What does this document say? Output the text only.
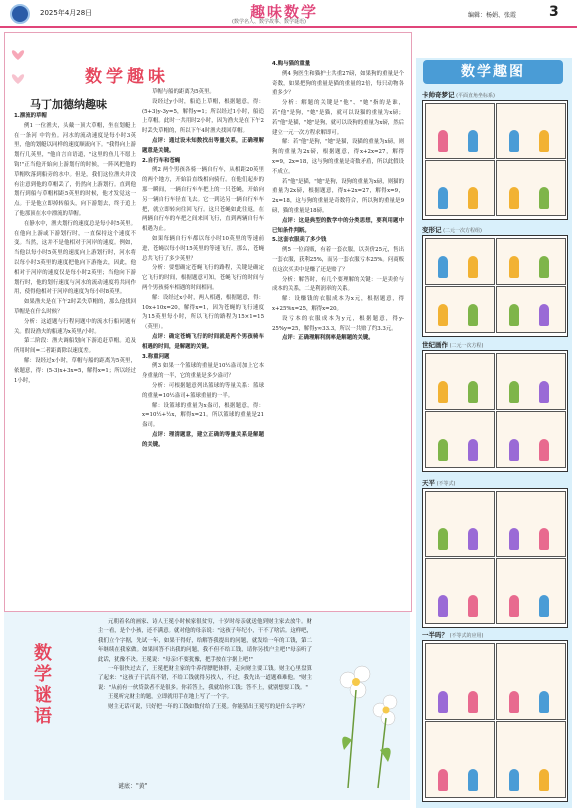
2025年4月28日	趣味数学
(数学名人、数学故事、数学谜语)
编辑：杨娟、张霞 3
数学趣味
马丁加德纳趣味

1.漂流的草帽

例1 一位渔夫，头戴一顶大草帽，坐在划艇上在一条河 中钓鱼。河水的流动速度是每小时3英里，他的划艇以同样的速度顺流向下。"我得向上游划行几英里，"他自言自语道，"这里的鱼儿不愿上钩!"正当他开始向上游划行的时候，一阵风把他的草帽吹落到船旁的水中。但是，我们这位渔夫并没有注意到他的草帽丢了，仍然向上游划行。直到他划行到船与草帽相距5英里的时候，他才发觉这一点。于是他立即掉转船头，向下游划去，终于追上了他那顶在水中漂流的草帽。

在静水中，渔夫划行的速度总是每小时5英里。在他向上游或下游划行时，一直保持这个速度不变。当然，这并不是他相对于河岸的速度。例如，当他以每小时5英里的速度向上游划行时，河水将以每小时3英里的速度把他向下游拖去，因此，他相对于河岸的速度仅是每小时2英里；当他向下游划行时，他的划行速度与河水的流动速度将共同作用，使得他相对于河岸的速度为每小时8英里。

如果渔夫是在下午2时丢失草帽的，那么他找回草帽是在什么时候？

分析：这道题与行程问题中的流水行船问题有关。假设渔夫的船速为x英里/小时。

第二阶段：渔夫调船划向下游追赶草帽。追及所用时间=二者距离除以速度差。

解：设经过x小时，草帽与船的距离为5英里，依题意，得：(5-3)x+3x=5，解得x=1；所以经过1小时，

草帽与船的距离为5英里。

设经过y小时，船追上草帽，根据题意，得：(5+3)y-3y=5，解得y=1；所以经过1小时，船追上草帽。此时一共用时2小时，因为渔夫是在下午2时丢失草帽的，所以下午4时渔夫找回草帽。

点评：通过设未知数找出等量关系，正确理解题意是关键。

2.自行车和苍蝇

例2 两个男孩各骑一辆自行车，从相距20英里的两个地方，开始沿直线相向骑行。在他们起步的那一瞬间，一辆自行车车把上的一只苍蝇，开始向另一辆自行车径直飞去。它一到达另一辆自行车车把，就立即转向往回飞行。这只苍蝇如此往返，在两辆自行车的车把之间来回飞行，直到两辆自行车相遇为止。

如果每辆自行车都以每小时10英里的等速前进，苍蝇以每小时15英里的等速飞行，那么，苍蝇总共飞行了多少英里？

分析：要想确定苍蝇飞行的路程，关键是确定它飞行的时间，根据题意可知，苍蝇飞行的时间与两个男孩骑车相遇的时间相同。

解：设经过x小时，两人相遇，根据题意，得：10x+10x=20，解得x=1，因为苍蝇的飞行速度为15英里每小时，所以飞行的路程为15×1=15（英里）。

点评：确定苍蝇飞行的时间就是两个男孩骑车相遇的时间，是解题的关键。

3.称重问题

例3 如果一个篮球的重量是10½盎司加上它本身重量的一半，它的重量是多少盎司？

分析：可根据题意列出篮球的等量关系：篮球的重量=10½盎司+篮球重量的一半。

解：设篮球的重量为x盎司，根据题意，得：x=10½+½x，解得x=21。所以篮球的重量是21盎司。

点评：理清题意，建立正确的等量关系是解题的关键。

4.购与猫的重量

例4 狗医生和猫护士共重27磅，如果狗的重量是个奇数，如果把狗的重量是猫的重量的2倍，每只动物各重多少？

分析：解题的关键是"他"、"她"指的是谁，若"他"是狗，"她"是猫，就可以设猫的重量为x磅；若"他"是猫，"她"是狗，就可以设狗的重量为x磅，然后建立一元一次方程求解即可。

解：若"他"是狗，"她"是猫，设猫的重量为x磅，则狗的重量为2x磅，根据题意，得x+2x=27，解得x=9，2x=18，这与狗的重量是奇数矛盾，所以此假设不成立。

若"他"是猫，"她"是狗，设狗的重量为x磅，则猫的重量为2x磅，根据题意，得x+2x=27，解得x=9，2x=18，这与狗的重量是奇数符合，所以狗的重量是9磅，猫的重量是18磅。

点评：这是典型的数学中的分类思想，要利用题中已知条件判断。

5.这套衣服卖了多少钱

例5 一位商贩，有着一套衣服，以卖价25元，售出一套衣服，获利25%，而另一套衣服亏本25%。问商贩在这次买卖中是赚了还是赔了？

分析：解答时，有几个要理解的关键：一是卖价与成本的关系，二是利润率的关系。

解：设赚钱的衣服成本为x元，根据题意，得x+25%x=25，解得x=20。

设亏本的衣服成本为y元，根据题意，得y-25%y=25，解得y≈33.3，所以一共赔了约3.3元。

点评：正确理解利润率是解题的关键。

数学趣图
卡帅奇梦记 (平面直角坐标系)
变形记 (二元一次方程组)
世纪画作 (二元一次方程)
天平 (不等式)
一半吗？ (不等式的应用)
数学谜语

元朝着名的画家、诗人王冕小时候家很贫穷，十岁时母亲就送他到财主家去放牛。财主一看，是个小孩，还不满意。就对他的母亲说："这孩子年纪小，干不了啥活。这样吧，我们立个字据，先试一年，如果干得好，给解答我提出的问题，就发给一年的工钱，第二年继续在我家做。如果回答不出我的问题，我不但不给工钱，请你另找户主吧!"母亲听了此话，犹豫不决。王冕说："母亲!不要犹豫，把手按在字据上吧!"

一年很快过去了，王冕把财主家的牛养得膘肥体胖，走向财主要工钱。财主心里盘算了起来："这孩子干活真不错，不给工钱就得另找人，不过，我先出一道题难难他。"财主说："从前有一伙贷款者不是很多。你若答上，我就给你工钱；答不上，就别想要工钱。"

王冕听完财主的题，立即就用手在地上写了一个字。

财主无话可说，只好把一年的工钱如数付给了王冕。你能猜出王冕写的是什么字吗？

谜底："黄"
